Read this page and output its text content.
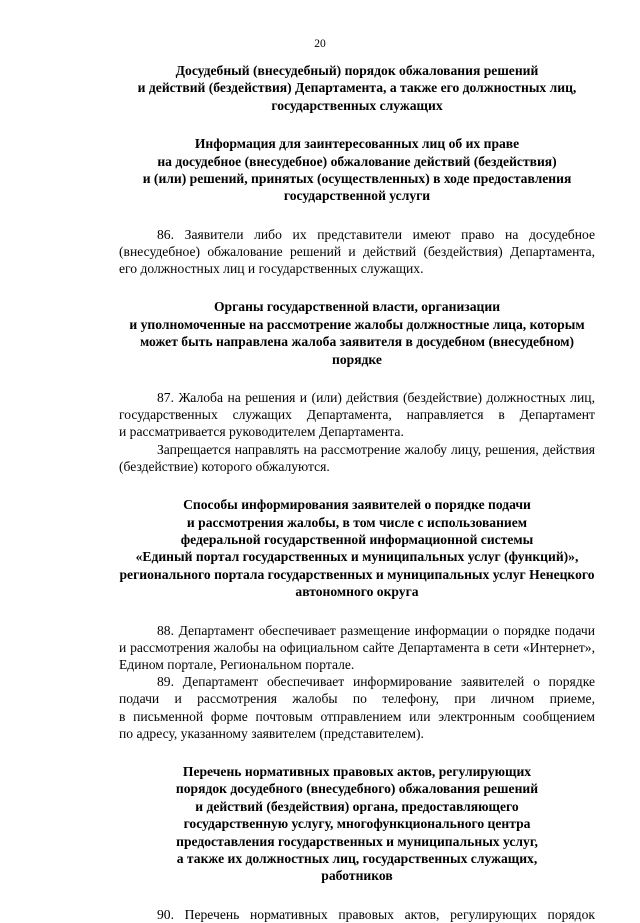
20
Досудебный (внесудебный) порядок обжалования решений
и действий (бездействия) Департамента, а также его должностных лиц,
государственных служащих
Информация для заинтересованных лиц об их праве
на досудебное (внесудебное) обжалование действий (бездействия)
и (или) решений, принятых (осуществленных) в ходе предоставления
государственной услуги
86. Заявители либо их представители имеют право на досудебное
(внесудебное) обжалование решений и действий (бездействия) Департамента,
его должностных лиц и государственных служащих.
Органы государственной власти, организации
и уполномоченные на рассмотрение жалобы должностные лица, которым
может быть направлена жалоба заявителя в досудебном (внесудебном)
порядке
87. Жалоба на решения и (или) действия (бездействие) должностных лиц,
государственных служащих Департамента, направляется в Департамент
и рассматривается руководителем Департамента.
Запрещается направлять на рассмотрение жалобу лицу, решения, действия
(бездействие) которого обжалуются.
Способы информирования заявителей о порядке подачи
и рассмотрения жалобы, в том числе с использованием
федеральной государственной информационной системы
«Единый портал государственных и муниципальных услуг (функций)»,
регионального портала государственных и муниципальных услуг Ненецкого
автономного округа
88. Департамент обеспечивает размещение информации о порядке подачи
и рассмотрения жалобы на официальном сайте Департамента в сети «Интернет»,
Едином портале, Региональном портале.
89. Департамент обеспечивает информирование заявителей о порядке
подачи и рассмотрения жалобы по телефону, при личном приеме,
в письменной форме почтовым отправлением или электронным сообщением
по адресу, указанному заявителем (представителем).
Перечень нормативных правовых актов, регулирующих
порядок досудебного (внесудебного) обжалования решений
и действий (бездействия) органа, предоставляющего
государственную услугу, многофункционального центра
предоставления государственных и муниципальных услуг,
а также их должностных лиц, государственных служащих,
работников
90. Перечень нормативных правовых актов, регулирующих порядок
